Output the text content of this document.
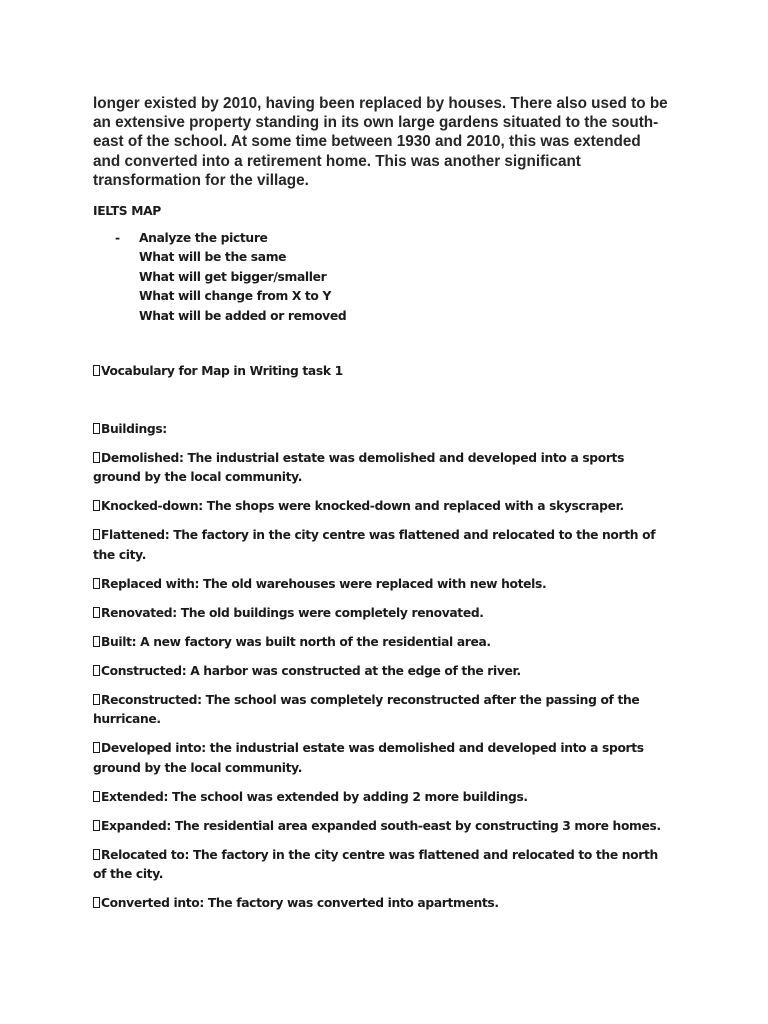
longer existed by 2010, having been replaced by houses. There also used to be an extensive property standing in its own large gardens situated to the south-east of the school. At some time between 1930 and 2010, this was extended and converted into a retirement home. This was another significant transformation for the village.

IELTS MAP

- Analyze the picture
What will be the same
What will get bigger/smaller
What will change from X to Y
What will be added or removed

Vocabulary for Map in Writing task 1

Buildings:

Demolished: The industrial estate was demolished and developed into a sports ground by the local community.

Knocked-down: The shops were knocked-down and replaced with a skyscraper.

Flattened: The factory in the city centre was flattened and relocated to the north of the city.

Replaced with: The old warehouses were replaced with new hotels.

Renovated: The old buildings were completely renovated.

Built: A new factory was built north of the residential area.

Constructed: A harbor was constructed at the edge of the river.

Reconstructed: The school was completely reconstructed after the passing of the hurricane.

Developed into: the industrial estate was demolished and developed into a sports ground by the local community.

Extended: The school was extended by adding 2 more buildings.

Expanded: The residential area expanded south-east by constructing 3 more homes.

Relocated to: The factory in the city centre was flattened and relocated to the north of the city.

Converted into: The factory was converted into apartments.
